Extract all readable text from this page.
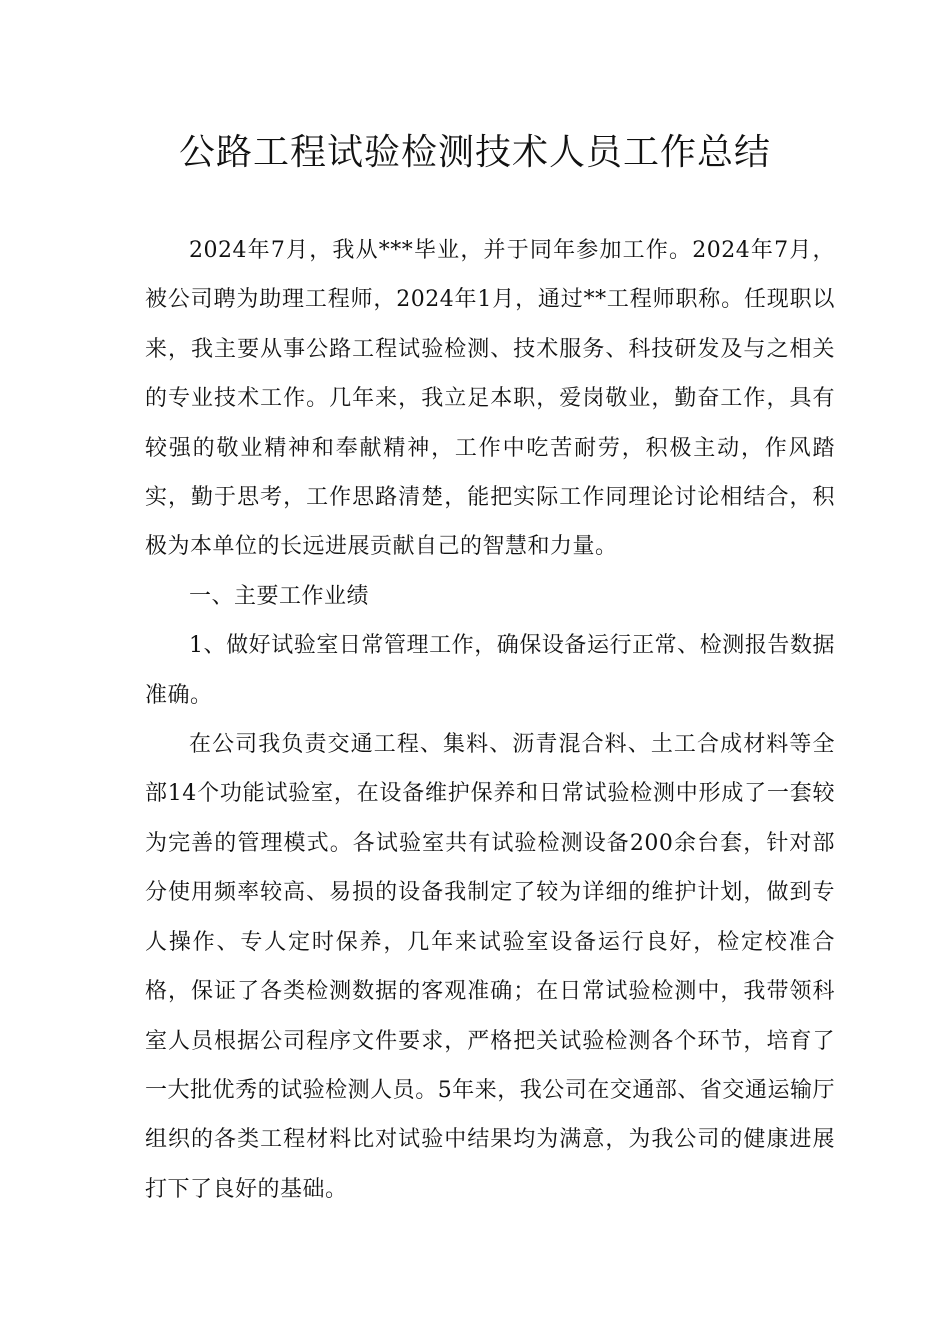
公路工程试验检测技术人员工作总结

2024年7月，我从***毕业，并于同年参加工作。2024年7月，被公司聘为助理工程师，2024年1月，通过**工程师职称。任现职以来，我主要从事公路工程试验检测、技术服务、科技研发及与之相关的专业技术工作。几年来，我立足本职，爱岗敬业，勤奋工作，具有较强的敬业精神和奉献精神，工作中吃苦耐劳，积极主动，作风踏实，勤于思考，工作思路清楚，能把实际工作同理论讨论相结合，积极为本单位的长远进展贡献自己的智慧和力量。

一、主要工作业绩

1、做好试验室日常管理工作，确保设备运行正常、检测报告数据准确。

在公司我负责交通工程、集料、沥青混合料、土工合成材料等全部14个功能试验室，在设备维护保养和日常试验检测中形成了一套较为完善的管理模式。各试验室共有试验检测设备200余台套，针对部分使用频率较高、易损的设备我制定了较为详细的维护计划，做到专人操作、专人定时保养，几年来试验室设备运行良好，检定校准合格，保证了各类检测数据的客观准确；在日常试验检测中，我带领科室人员根据公司程序文件要求，严格把关试验检测各个环节，培育了一大批优秀的试验检测人员。5年来，我公司在交通部、省交通运输厅组织的各类工程材料比对试验中结果均为满意，为我公司的健康进展打下了良好的基础。
